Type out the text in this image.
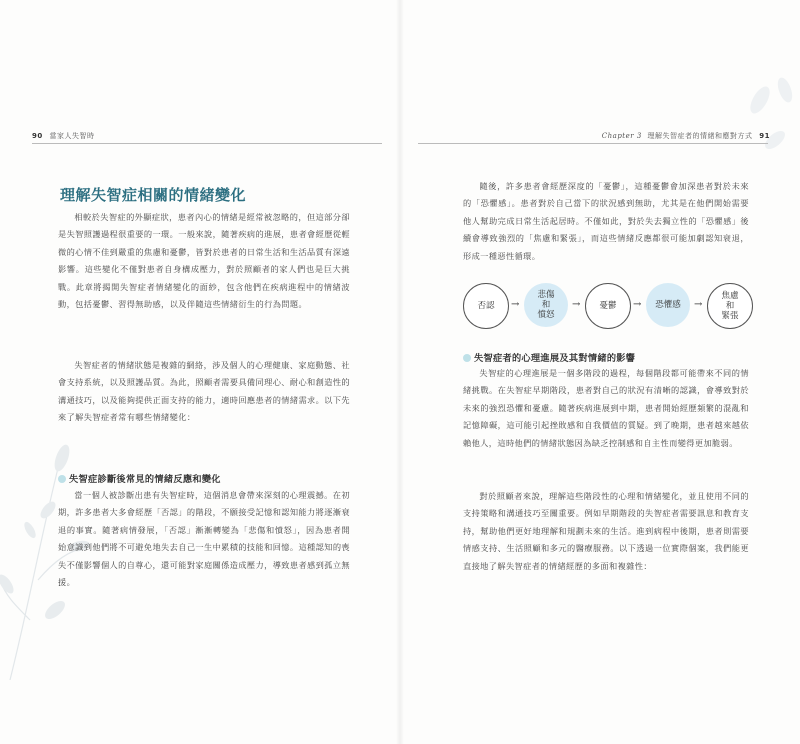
90 當家人失智時	Chapter 3 理解失智症者的情緒和應對方式 91
理解失智症相關的情緒變化
相較於失智症的外顯症狀，患者內心的情緒是經常被忽略的，但這部分卻是失智照護過程很重要的一環。一般來說，隨著疾病的進展，患者會經歷從輕微的心情不佳到嚴重的焦慮和憂鬱，皆對於患者的日常生活和生活品質有深遠影響。這些變化不僅對患者自身構成壓力，對於照顧者的家人們也是巨大挑戰。此章將揭開失智症者情緒變化的面紗，包含他們在疾病進程中的情緒波動，包括憂鬱、習得無助感，以及伴隨這些情緒衍生的行為問題。
失智症者的情緒狀態是複雜的網絡，涉及個人的心理健康、家庭動態、社會支持系統，以及照護品質。為此，照顧者需要具備同理心、耐心和創造性的溝通技巧，以及能夠提供正面支持的能力，適時回應患者的情緒需求。以下先來了解失智症者常有哪些情緒變化：
失智症診斷後常見的情緒反應和變化
當一個人被診斷出患有失智症時，這個消息會帶來深刻的心理震撼。在初期，許多患者大多會經歷「否認」的階段，不願接受記憶和認知能力將逐漸衰退的事實。隨著病情發展，「否認」漸漸轉變為「悲傷和憤怒」，因為患者開始意識到他們將不可避免地失去自己一生中累積的技能和回憶。這種認知的喪失不僅影響個人的自尊心，還可能對家庭關係造成壓力，導致患者感到孤立無援。
隨後，許多患者會經歷深度的「憂鬱」，這種憂鬱會加深患者對於未來的「恐懼感」。患者對於自己當下的狀況感到無助，尤其是在他們開始需要他人幫助完成日常生活起居時。不僅如此，對於失去獨立性的「恐懼感」後續會導致強烈的「焦慮和緊張」，而這些情緒反應都很可能加劇認知衰退，形成一種惡性循環。
否認 →
悲傷
和
憤怒
→ 憂鬱 → 恐懼感 →
焦慮
和
緊張
失智症者的心理進展及其對情緒的影響
失智症的心理進展是一個多階段的過程，每個階段都可能帶來不同的情緒挑戰。在失智症早期階段，患者對自己的狀況有清晰的認識，會導致對於未來的強烈恐懼和憂慮。隨著疾病進展到中期，患者開始經歷頻繁的混亂和記憶障礙，這可能引起挫敗感和自我價值的質疑。到了晚期，患者越來越依賴他人，這時他們的情緒狀態因為缺乏控制感和自主性而變得更加脆弱。
對於照顧者來說，理解這些階段性的心理和情緒變化，並且使用不同的支持策略和溝通技巧至關重要。例如早期階段的失智症者需要訊息和教育支持，幫助他們更好地理解和規劃未來的生活。進到病程中後期，患者則需要情感支持、生活照顧和多元的醫療服務。以下透過一位實際個案，我們能更直接地了解失智症者的情緒經歷的多面和複雜性：
